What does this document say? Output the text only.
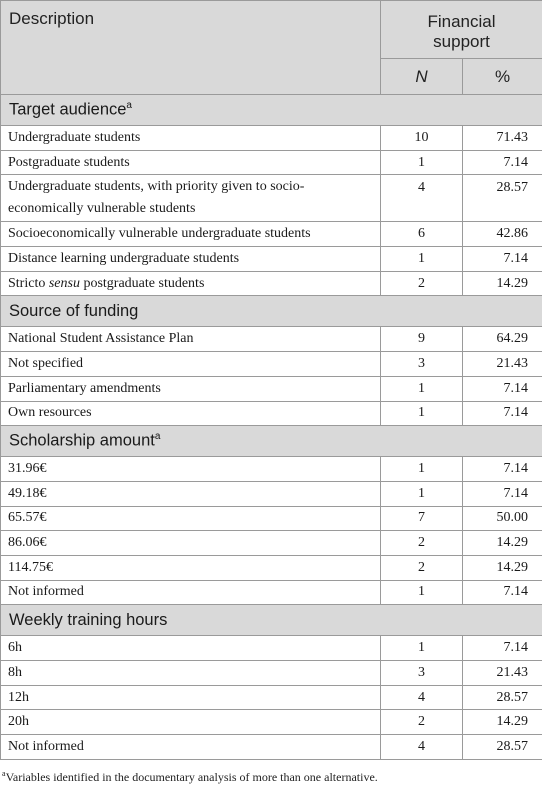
Description	Financial
support	
	N	%
Target audience$^a$
Undergraduate students	10	71.43
Postgraduate students	1	7.14
Undergraduate students, with priority given to socio-economically vulnerable students	4	28.57
Socioeconomically vulnerable undergraduate students	6	42.86
Distance learning undergraduate students	1	7.14
Stricto sensu postgraduate students	2	14.29
Source of funding		
National Student Assistance Plan	9	64.29
Not specified	3	21.43
Parliamentary amendments	1	7.14
Own resources	1	7.14
Scholarship amount$^a$
31.96€	1	7.14
49.18€	1	7.14
65.57€	7	50.00
86.06€	2	14.29
114.75€	2	14.29
Not informed	1	7.14
Weekly training hours		
6h	1	7.14
8h	3	21.43
12h	4	28.57
20h	2	14.29
Not informed	4	28.57
$^a$Variables identified in the documentary analysis of more than one alternative.
